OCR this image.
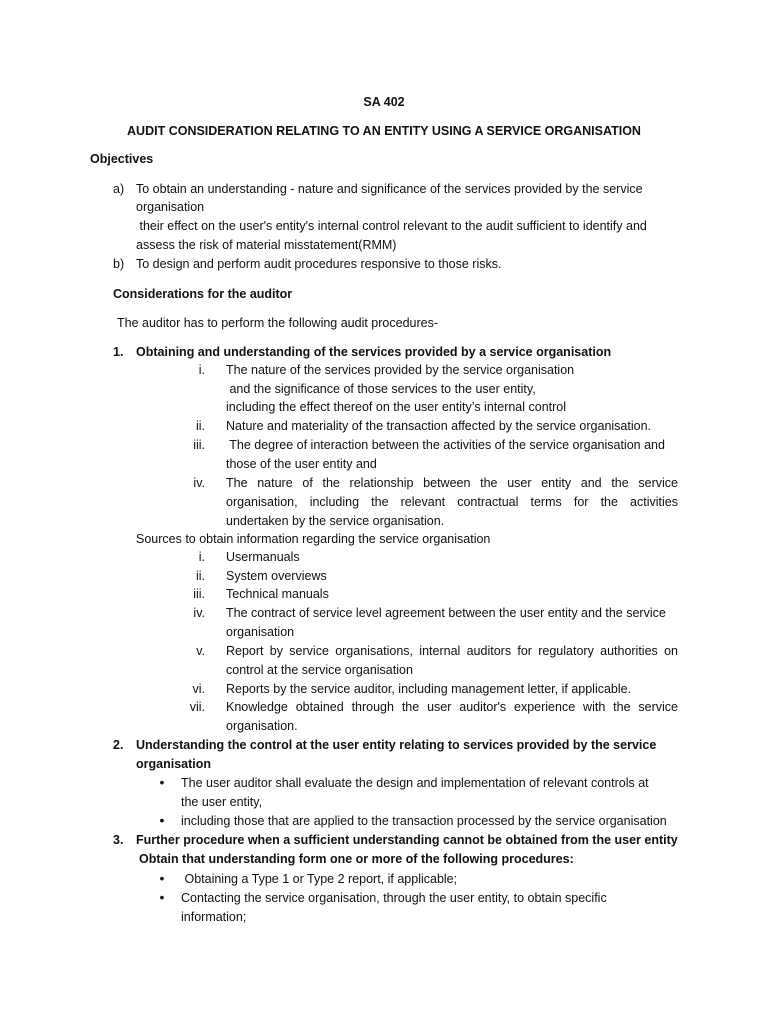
SA 402
AUDIT CONSIDERATION RELATING TO AN ENTITY USING A SERVICE ORGANISATION
Objectives
a) To obtain an understanding - nature and significance of the services provided by the service
organisation
their effect on the user's entity's internal control relevant to the audit sufficient to identify and
assess the risk of material misstatement(RMM)
b) To design and perform audit procedures responsive to those risks.
Considerations for the auditor
The auditor has to perform the following audit procedures-
1. Obtaining and understanding of the services provided by a service organisation
i. The nature of the services provided by the service organisation
and the significance of those services to the user entity,
including the effect thereof on the user entity’s internal control
ii. Nature and materiality of the transaction affected by the service organisation.
iii. The degree of interaction between the activities of the service organisation and
those of the user entity and
iv. The nature of the relationship between the user entity and the service
organisation, including the relevant contractual terms for the activities
undertaken by the service organisation.
Sources to obtain information regarding the service organisation
i. Usermanuals
ii. System overviews
iii. Technical manuals
iv. The contract of service level agreement between the user entity and the service
organisation
v. Report by service organisations, internal auditors for regulatory authorities on
control at the service organisation
vi. Reports by the service auditor, including management letter, if applicable.
vii. Knowledge obtained through the user auditor's experience with the service
organisation.
2. Understanding the control at the user entity relating to services provided by the service
organisation
• The user auditor shall evaluate the design and implementation of relevant controls at
the user entity,
• including those that are applied to the transaction processed by the service organisation
3. Further procedure when a sufficient understanding cannot be obtained from the user entity
Obtain that understanding form one or more of the following procedures:
• Obtaining a Type 1 or Type 2 report, if applicable;
• Contacting the service organisation, through the user entity, to obtain specific
information;
